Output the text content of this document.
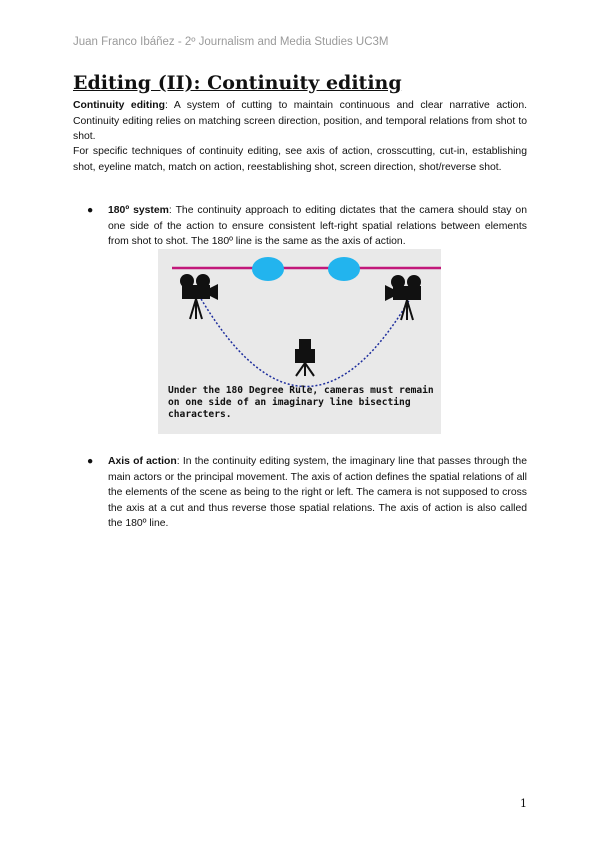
Juan Franco Ibáñez - 2º Journalism and Media Studies UC3M
Editing (II): Continuity editing

Continuity editing: A system of cutting to maintain continuous and clear narrative action. Continuity editing relies on matching screen direction, position, and temporal relations from shot to shot.

For specific techniques of continuity editing, see axis of action, crosscutting, cut-in, establishing shot, eyeline match, match on action, reestablishing shot, screen direction, shot/reverse shot.

● 180º system: The continuity approach to editing dictates that the camera should stay on one side of the action to ensure consistent left-right spatial relations between elements from shot to shot. The 180º line is the same as the axis of action.

Under the 180 Degree Rule, cameras must remain on one side of an imaginary line bisecting characters.
● Axis of action: In the continuity editing system, the imaginary line that passes through the main actors or the principal movement. The axis of action defines the spatial relations of all the elements of the scene as being to the right or left. The camera is not supposed to cross the axis at a cut and thus reverse those spatial relations. The axis of action is also called the 180º line.

1
